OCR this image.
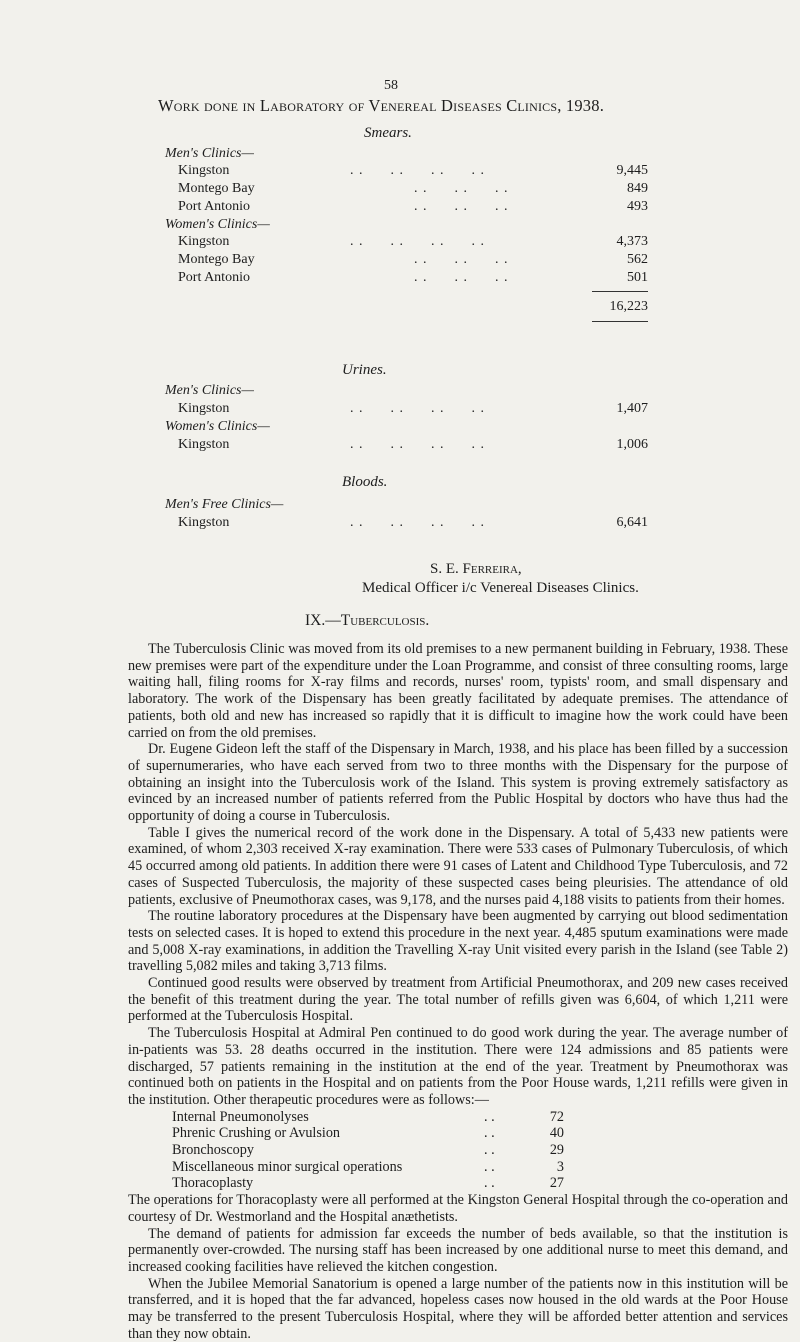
58
Work done in Laboratory of Venereal Diseases Clinics, 1938.
Smears.
Men's Clinics—
Kingston	. .      . .      . .      . .	9,445
Montego Bay	. .      . .      . .	849
Port Antonio	. .      . .      . .	493
Women's Clinics—
Kingston	. .      . .      . .      . .	4,373
Montego Bay	. .      . .      . .	562
Port Antonio	. .      . .      . .	501
16,223
Urines.
Men's Clinics—
Kingston	. .      . .      . .      . .	1,407
Women's Clinics—
Kingston	. .      . .      . .      . .	1,006
Bloods.
Men's Free Clinics—
Kingston	. .      . .      . .      . .	6,641
S. E. Ferreira,
Medical Officer i/c Venereal Diseases Clinics.
IX.—Tuberculosis.

The Tuberculosis Clinic was moved from its old premises to a new permanent building in February, 1938. These new premises were part of the expenditure under the Loan Programme, and consist of three consulting rooms, large waiting hall, filing rooms for X-ray films and records, nurses' room, typists' room, and small dispensary and laboratory. The work of the Dispensary has been greatly facilitated by adequate premises. The attendance of patients, both old and new has increased so rapidly that it is difficult to imagine how the work could have been carried on from the old premises.

Dr. Eugene Gideon left the staff of the Dispensary in March, 1938, and his place has been filled by a succession of supernumeraries, who have each served from two to three months with the Dispensary for the purpose of obtaining an insight into the Tuberculosis work of the Island. This system is proving extremely satisfactory as evinced by an increased number of patients referred from the Public Hospital by doctors who have thus had the opportunity of doing a course in Tuberculosis.

Table I gives the numerical record of the work done in the Dispensary. A total of 5,433 new patients were examined, of whom 2,303 received X-ray examination. There were 533 cases of Pulmonary Tuberculosis, of which 45 occurred among old patients. In addition there were 91 cases of Latent and Childhood Type Tuberculosis, and 72 cases of Suspected Tuberculosis, the majority of these suspected cases being pleurisies. The attendance of old patients, exclusive of Pneumothorax cases, was 9,178, and the nurses paid 4,188 visits to patients from their homes.

The routine laboratory procedures at the Dispensary have been augmented by carrying out blood sedimentation tests on selected cases. It is hoped to extend this procedure in the next year. 4,485 sputum examinations were made and 5,008 X-ray examinations, in addition the Travelling X-ray Unit visited every parish in the Island (see Table 2) travelling 5,082 miles and taking 3,713 films.

Continued good results were observed by treatment from Artificial Pneumothorax, and 209 new cases received the benefit of this treatment during the year. The total number of refills given was 6,604, of which 1,211 were performed at the Tuberculosis Hospital.

The Tuberculosis Hospital at Admiral Pen continued to do good work during the year. The average number of in-patients was 53. 28 deaths occurred in the institution. There were 124 admissions and 85 patients were discharged, 57 patients remaining in the institution at the end of the year. Treatment by Pneumothorax was continued both on patients in the Hospital and on patients from the Poor House wards, 1,211 refills were given in the institution. Other therapeutic procedures were as follows:—

Internal Pneumonolyses	. .	72
Phrenic Crushing or Avulsion	. .	40
Bronchoscopy	. .	29
Miscellaneous minor surgical operations	. .	3
Thoracoplasty	. .	27

The operations for Thoracoplasty were all performed at the Kingston General Hospital through the co-operation and courtesy of Dr. Westmorland and the Hospital anæthetists.

The demand of patients for admission far exceeds the number of beds available, so that the institution is permanently over-crowded. The nursing staff has been increased by one additional nurse to meet this demand, and increased cooking facilities have relieved the kitchen congestion.

When the Jubilee Memorial Sanatorium is opened a large number of the patients now in this institution will be transferred, and it is hoped that the far advanced, hopeless cases now housed in the old wards at the Poor House may be transferred to the present Tuberculosis Hospital, where they will be afforded better attention and services than they now obtain.
